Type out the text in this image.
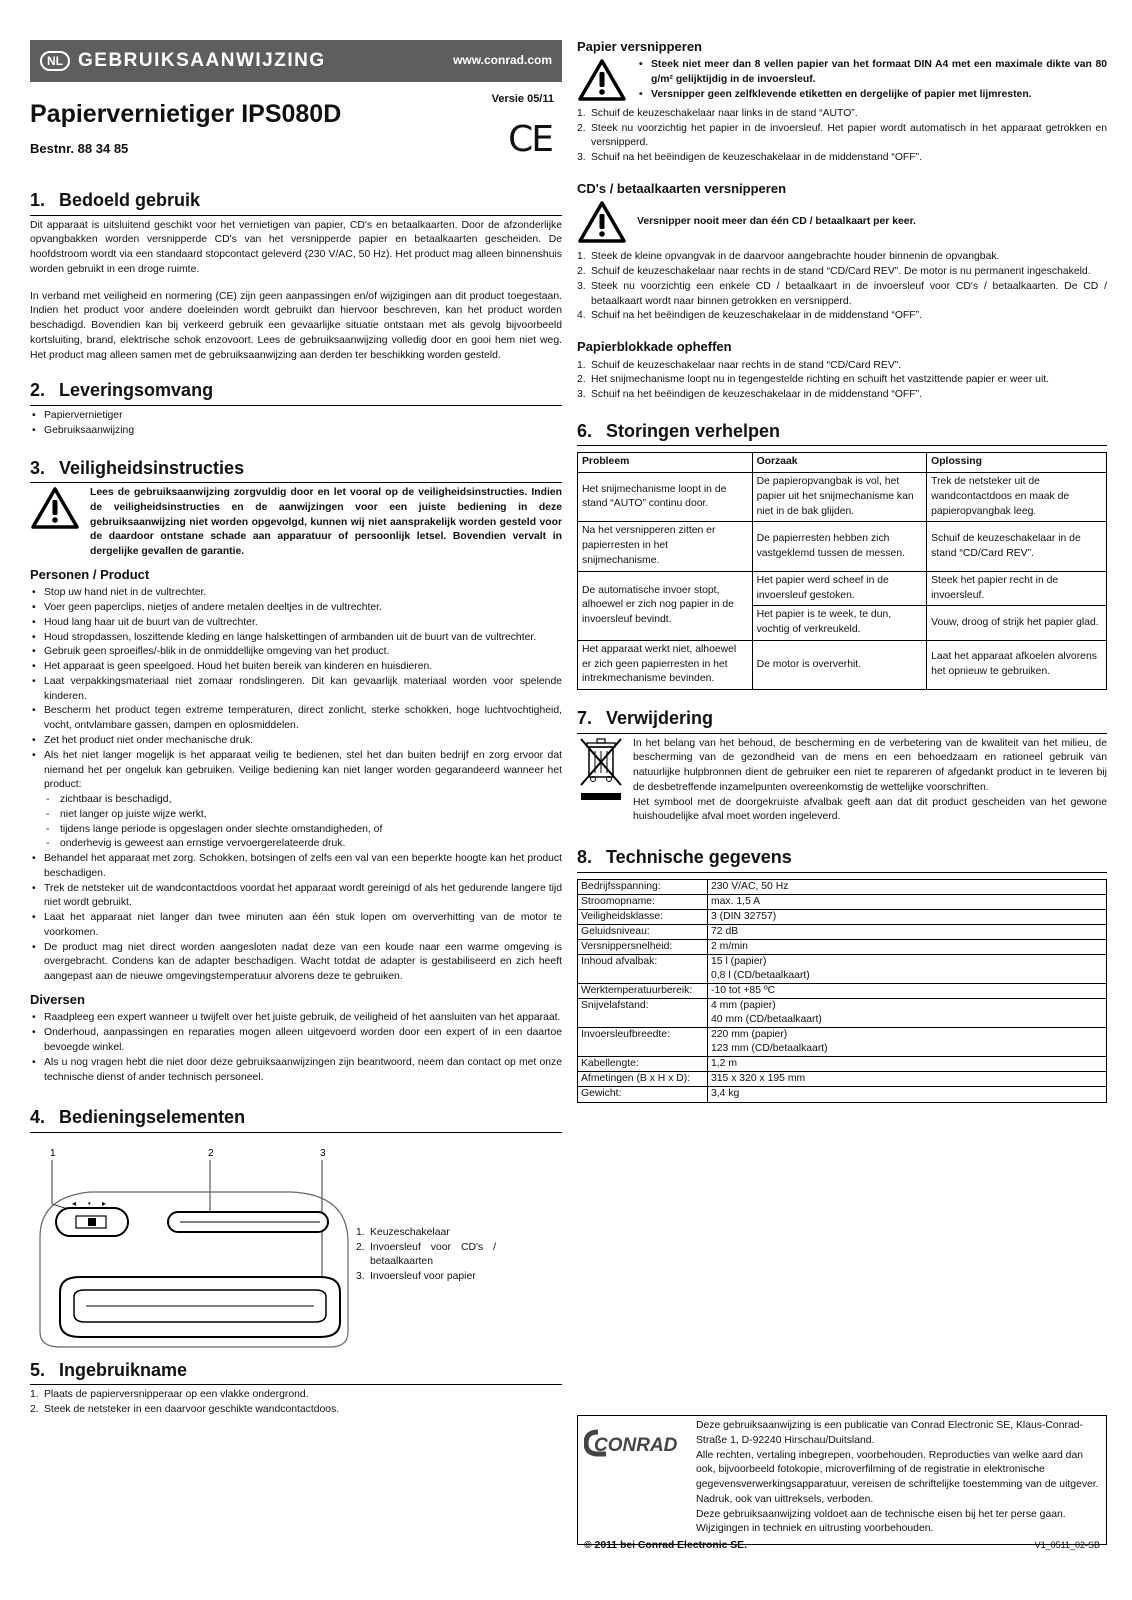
NL GEBRUIKSAANWIJZING	www.conrad.com
Papiervernietiger IPS080D
Versie 05/11
CE
Bestnr. 88 34 85
1. Bedoeld gebruik

Dit apparaat is uitsluitend geschikt voor het vernietigen van papier, CD's en betaalkaarten. Door de afzonderlijke opvangbakken worden versnipperde CD's van het versnipperde papier en betaalkaarten gescheiden. De hoofdstroom wordt via een standaard stopcontact geleverd (230 V/AC, 50 Hz). Het product mag alleen binnenshuis worden gebruikt in een droge ruimte.

In verband met veiligheid en normering (CE) zijn geen aanpassingen en/of wijzigingen aan dit product toegestaan. Indien het product voor andere doeleinden wordt gebruikt dan hiervoor beschreven, kan het product worden beschadigd. Bovendien kan bij verkeerd gebruik een gevaarlijke situatie ontstaan met als gevolg bijvoorbeeld kortsluiting, brand, elektrische schok enzovoort. Lees de gebruiksaanwijzing volledig door en gooi hem niet weg. Het product mag alleen samen met de gebruiksaanwijzing aan derden ter beschikking worden gesteld.

2. Leveringsomvang
• Papiervernietiger
• Gebruiksaanwijzing
3. Veiligheidsinstructies
Lees de gebruiksaanwijzing zorgvuldig door en let vooral op de veiligheidsinstructies. Indien de veiligheidsinstructies en de aanwijzingen voor een juiste bediening in deze gebruiksaanwijzing niet worden opgevolgd, kunnen wij niet aansprakelijk worden gesteld voor de daardoor ontstane schade aan apparatuur of persoonlijk letsel. Bovendien vervalt in dergelijke gevallen de garantie.
Personen / Product
• Stop uw hand niet in de vultrechter.
• Voer geen paperclips, nietjes of andere metalen deeltjes in de vultrechter.
• Houd lang haar uit de buurt van de vultrechter.
• Houd stropdassen, loszittende kleding en lange halskettingen of armbanden uit de buurt van de vultrechter.
• Gebruik geen sproeifles/-blik in de onmiddellijke omgeving van het product.
• Het apparaat is geen speelgoed. Houd het buiten bereik van kinderen en huisdieren.
• Laat verpakkingsmateriaal niet zomaar rondslingeren. Dit kan gevaarlijk materiaal worden voor spelende kinderen.
• Bescherm het product tegen extreme temperaturen, direct zonlicht, sterke schokken, hoge luchtvochtigheid, vocht, ontvlambare gassen, dampen en oplosmiddelen.
• Zet het product niet onder mechanische druk.
• Als het niet langer mogelijk is het apparaat veilig te bedienen, stel het dan buiten bedrijf en zorg ervoor dat niemand het per ongeluk kan gebruiken. Veilige bediening kan niet langer worden gegarandeerd wanneer het product:
- zichtbaar is beschadigd,
- niet langer op juiste wijze werkt,
- tijdens lange periode is opgeslagen onder slechte omstandigheden, of
- onderhevig is geweest aan ernstige vervoergerelateerde druk.
• Behandel het apparaat met zorg. Schokken, botsingen of zelfs een val van een beperkte hoogte kan het product beschadigen.
• Trek de netsteker uit de wandcontactdoos voordat het apparaat wordt gereinigd of als het gedurende langere tijd niet wordt gebruikt.
• Laat het apparaat niet langer dan twee minuten aan één stuk lopen om oververhitting van de motor te voorkomen.
• De product mag niet direct worden aangesloten nadat deze van een koude naar een warme omgeving is overgebracht. Condens kan de adapter beschadigen. Wacht totdat de adapter is gestabiliseerd en zich heeft aangepast aan de nieuwe omgevingstemperatuur alvorens deze te gebruiken.
Diversen
• Raadpleeg een expert wanneer u twijfelt over het juiste gebruik, de veiligheid of het aansluiten van het apparaat.
• Onderhoud, aanpassingen en reparaties mogen alleen uitgevoerd worden door een expert of in een daartoe bevoegde winkel.
• Als u nog vragen hebt die niet door deze gebruiksaanwijzingen zijn beantwoord, neem dan contact op met onze technische dienst of ander technisch personeel.
4. Bedieningselementen
1	2	3
◂ • ▸
1. Keuzeschakelaar
2. Invoersleuf voor CD's / betaalkaarten
3. Invoersleuf voor papier
5. Ingebruikname
1. Plaats de papierversnipperaar op een vlakke ondergrond.
2. Steek de netsteker in een daarvoor geschikte wandcontactdoos.
Papier versnipperen
• Steek niet meer dan 8 vellen papier van het formaat DIN A4 met een maximale dikte van 80 g/m² gelijktijdig in de invoersleuf.
• Versnipper geen zelfklevende etiketten en dergelijke of papier met lijmresten.
1. Schuif de keuzeschakelaar naar links in de stand “AUTO”.
2. Steek nu voorzichtig het papier in de invoersleuf. Het papier wordt automatisch in het apparaat getrokken en versnipperd.
3. Schuif na het beëindigen de keuzeschakelaar in de middenstand “OFF”.
CD's / betaalkaarten versnipperen
Versnipper nooit meer dan één CD / betaalkaart per keer.
1. Steek de kleine opvangvak in de daarvoor aangebrachte houder binnenin de opvangbak.
2. Schuif de keuzeschakelaar naar rechts in de stand “CD/Card REV”. De motor is nu permanent ingeschakeld.
3. Steek nu voorzichtig een enkele CD / betaalkaart in de invoersleuf voor CD's / betaalkaarten. De CD / betaalkaart wordt naar binnen getrokken en versnipperd.
4. Schuif na het beëindigen de keuzeschakelaar in de middenstand “OFF”.
Papierblokkade opheffen
1. Schuif de keuzeschakelaar naar rechts in de stand “CD/Card REV”.
2. Het snijmechanisme loopt nu in tegengestelde richting en schuift het vastzittende papier er weer uit.
3. Schuif na het beëindigen de keuzeschakelaar in de middenstand “OFF”.
6. Storingen verhelpen
Probleem	Oorzaak	Oplossing
Het snijmechanisme loopt in de stand “AUTO” continu door.	De papieropvangbak is vol, het papier uit het snijmechanisme kan niet in de bak glijden.	Trek de netsteker uit de wandcontactdoos en maak de papieropvangbak leeg.
Na het versnipperen zitten er papierresten in het snijmechanisme.	De papierresten hebben zich vastgeklemd tussen de messen.	Schuif de keuzeschakelaar in de stand “CD/Card REV”.
De automatische invoer stopt, alhoewel er zich nog papier in de invoersleuf bevindt.	Het papier werd scheef in de invoersleuf gestoken.	Steek het papier recht in de invoersleuf.
	Het papier is te week, te dun, vochtig of verkreukeld.	Vouw, droog of strijk het papier glad.
Het apparaat werkt niet, alhoewel er zich geen papierresten in het intrekmechanisme bevinden.	De motor is oververhit.	Laat het apparaat afkoelen alvorens het opnieuw te gebruiken.
7. Verwijdering

In het belang van het behoud, de bescherming en de verbetering van de kwaliteit van het milieu, de bescherming van de gezondheid van de mens en een behoedzaam en rationeel gebruik van natuurlijke hulpbronnen dient de gebruiker een niet te repareren of afgedankt product in te leveren bij de desbetreffende inzamelpunten overeenkomstig de wettelijke voorschriften.

Het symbool met de doorgekruiste afvalbak geeft aan dat dit product gescheiden van het gewone huishoudelijke afval moet worden ingeleverd.

8. Technische gegevens
Bedrijfsspanning:	230 V/AC, 50 Hz
Stroomopname:	max. 1,5 A
Veiligheidsklasse:	3 (DIN 32757)
Geluidsniveau:	72 dB
Versnippersnelheid:	2 m/min
Inhoud afvalbak:	15 l (papier)
0,8 l (CD/betaalkaart)

Werktemperatuurbereik:	-10 tot +85 ºC
Snijvelafstand:	4 mm (papier)
40 mm (CD/betaalkaart)

Invoersleufbreedte:	220 mm (papier)
123 mm (CD/betaalkaart)

Kabellengte:	1,2 m
Afmetingen (B x H x D):	315 x 320 x 195 mm
Gewicht:	3,4 kg
CONRAD
Deze gebruiksaanwijzing is een publicatie van Conrad Electronic SE, Klaus-Conrad-Straße 1, D-92240 Hirschau/Duitsland.
Alle rechten, vertaling inbegrepen, voorbehouden. Reproducties van welke aard dan ook, bijvoorbeeld fotokopie, microverfilming of de registratie in elektronische gegevensverwerkingsapparatuur, vereisen de schriftelijke toestemming van de uitgever. Nadruk, ook van uittreksels, verboden.
Deze gebruiksaanwijzing voldoet aan de technische eisen bij het ter perse gaan. Wijzigingen in techniek en uitrusting voorbehouden.
© 2011 bei Conrad Electronic SE.	V1_0511_02-SB
